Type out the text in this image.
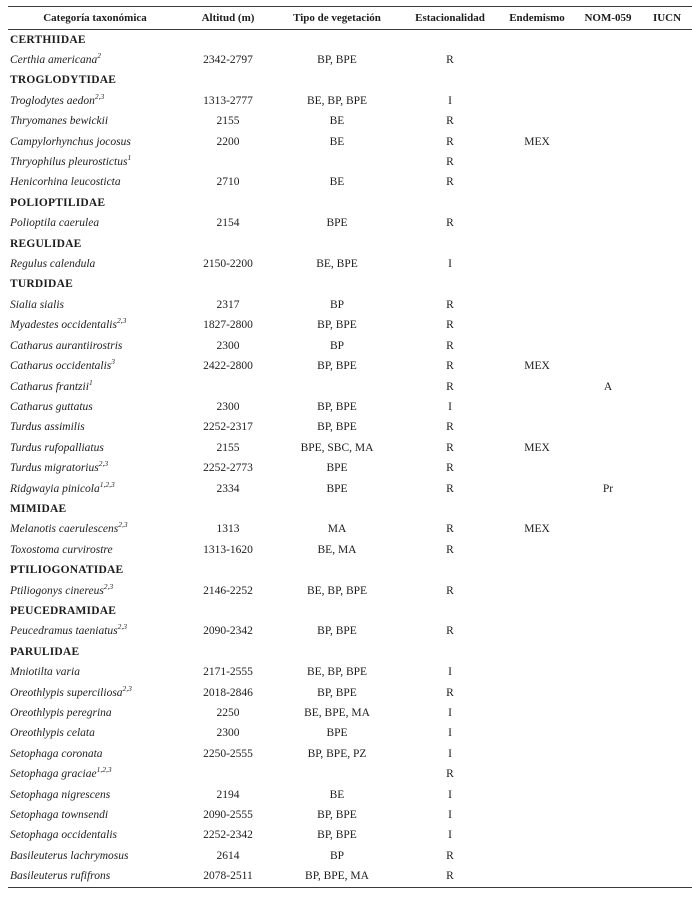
Categoría taxonómica	Altitud (m)	Tipo de vegetación	Estacionalidad	Endemismo	NOM-059	IUCN
CERTHIIDAE						
Certhia americana$^2$	2342-2797	BP, BPE	R			
TROGLODYTIDAE						
Troglodytes aedon$^{2,3}$	1313-2777	BE, BP, BPE	I			
Thryomanes bewickii	2155	BE	R			
Campylorhynchus jocosus	2200	BE	R	MEX		
Thryophilus pleurostictus$^1$			R			
Henicorhina leucosticta	2710	BE	R			
POLIOPTILIDAE						
Polioptila caerulea	2154	BPE	R			
REGULIDAE						
Regulus calendula	2150-2200	BE, BPE	I			
TURDIDAE						
Sialia sialis	2317	BP	R			
Myadestes occidentalis$^{2,3}$	1827-2800	BP, BPE	R			
Catharus aurantiirostris	2300	BP	R			
Catharus occidentalis$^3$	2422-2800	BP, BPE	R	MEX		
Catharus frantzii$^1$			R		A	
Catharus guttatus	2300	BP, BPE	I			
Turdus assimilis	2252-2317	BP, BPE	R			
Turdus rufopalliatus	2155	BPE, SBC, MA	R	MEX		
Turdus migratorius$^{2,3}$	2252-2773	BPE	R			
Ridgwayia pinicola$^{1,2,3}$	2334	BPE	R		Pr	
MIMIDAE						
Melanotis caerulescens$^{2,3}$	1313	MA	R	MEX		
Toxostoma curvirostre	1313-1620	BE, MA	R			
PTILIOGONATIDAE						
Ptiliogonys cinereus$^{2,3}$	2146-2252	BE, BP, BPE	R			
PEUCEDRAMIDAE						
Peucedramus taeniatus$^{2,3}$	2090-2342	BP, BPE	R			
PARULIDAE						
Mniotilta varia	2171-2555	BE, BP, BPE	I			
Oreothlypis superciliosa$^{2,3}$	2018-2846	BP, BPE	R			
Oreothlypis peregrina	2250	BE, BPE, MA	I			
Oreothlypis celata	2300	BPE	I			
Setophaga coronata	2250-2555	BP, BPE, PZ	I			
Setophaga graciae$^{1,2,3}$			R			
Setophaga nigrescens	2194	BE	I			
Setophaga townsendi	2090-2555	BP, BPE	I			
Setophaga occidentalis	2252-2342	BP, BPE	I			
Basileuterus lachrymosus	2614	BP	R			
Basileuterus rufifrons	2078-2511	BP, BPE, MA	R			
